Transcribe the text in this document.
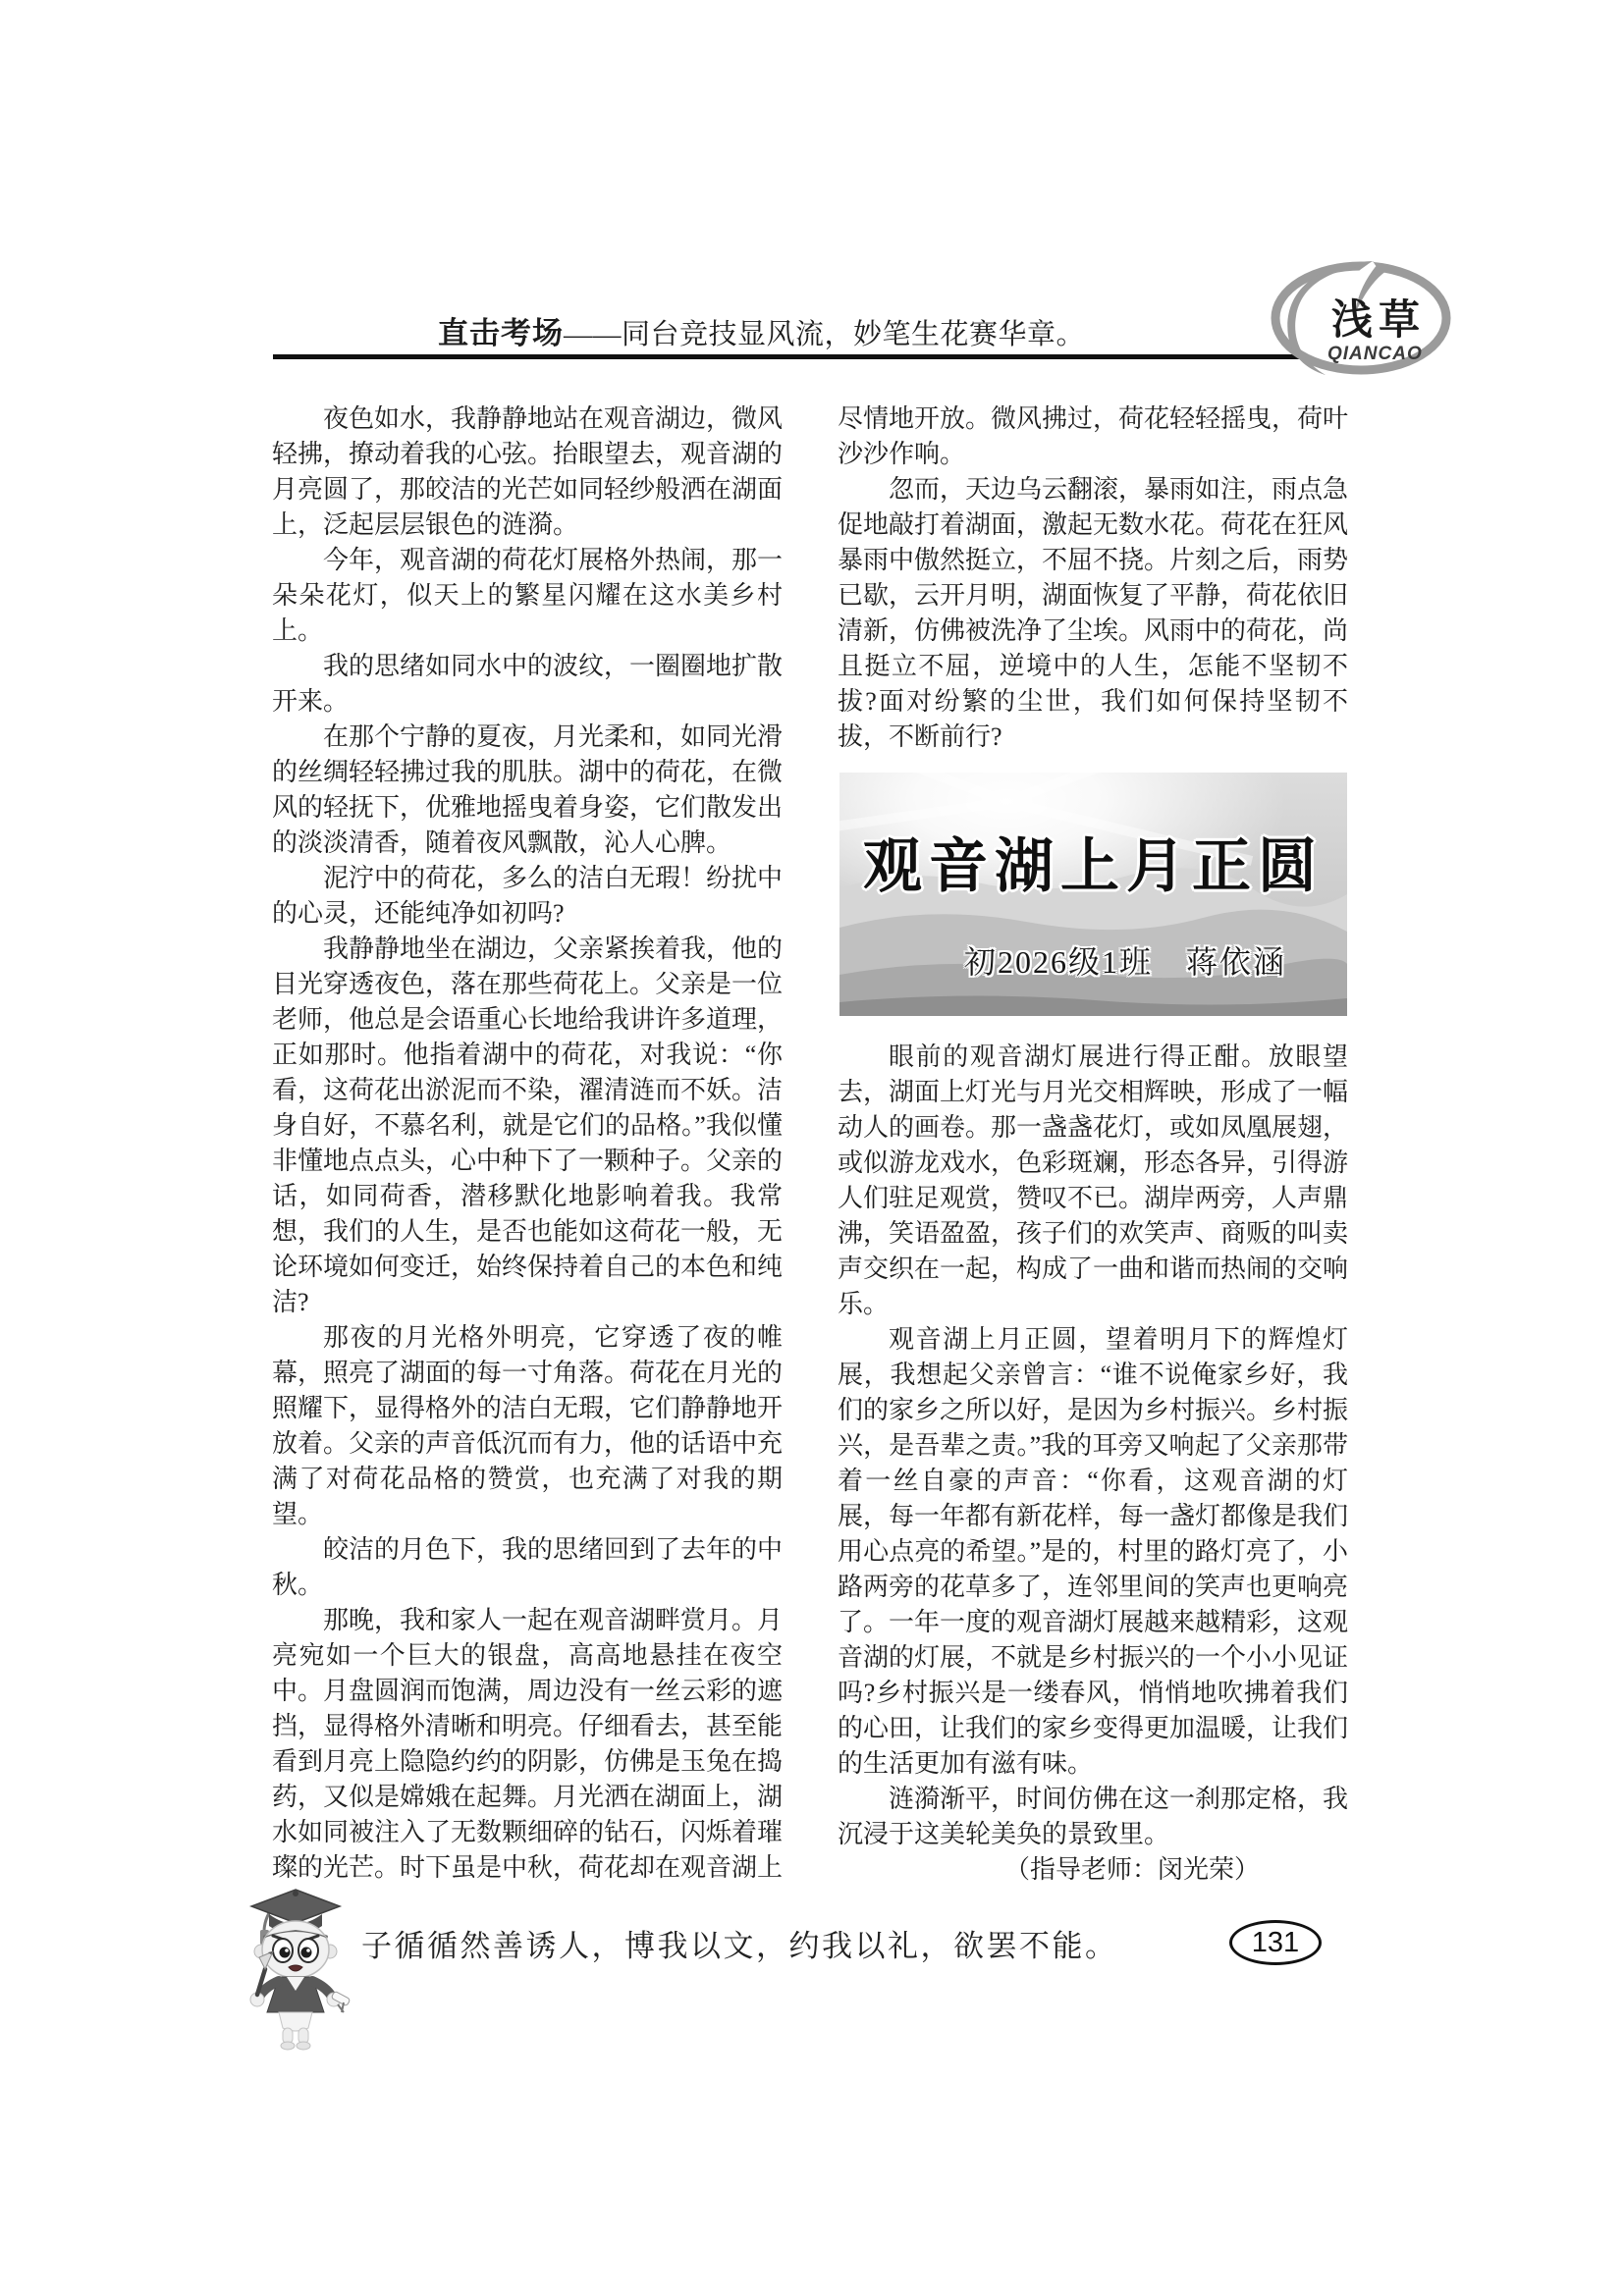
直击考场——同台竞技显风流，妙笔生花赛华章。	浅草
QIANCAO

夜色如水，我静静地站在观音湖边，微风轻拂，撩动着我的心弦。抬眼望去，观音湖的月亮圆了，那皎洁的光芒如同轻纱般洒在湖面上，泛起层层银色的涟漪。

今年，观音湖的荷花灯展格外热闹，那一朵朵花灯，似天上的繁星闪耀在这水美乡村上。

我的思绪如同水中的波纹，一圈圈地扩散开来。

在那个宁静的夏夜，月光柔和，如同光滑的丝绸轻轻拂过我的肌肤。湖中的荷花，在微风的轻抚下，优雅地摇曳着身姿，它们散发出的淡淡清香，随着夜风飘散，沁人心脾。

泥泞中的荷花，多么的洁白无瑕！纷扰中的心灵，还能纯净如初吗?

我静静地坐在湖边，父亲紧挨着我，他的目光穿透夜色，落在那些荷花上。父亲是一位老师，他总是会语重心长地给我讲许多道理，正如那时。他指着湖中的荷花，对我说：“你看，这荷花出淤泥而不染，濯清涟而不妖。洁身自好，不慕名利，就是它们的品格。”我似懂非懂地点点头，心中种下了一颗种子。父亲的话，如同荷香，潜移默化地影响着我。我常想，我们的人生，是否也能如这荷花一般，无论环境如何变迁，始终保持着自己的本色和纯洁?

那夜的月光格外明亮，它穿透了夜的帷幕，照亮了湖面的每一寸角落。荷花在月光的照耀下，显得格外的洁白无瑕，它们静静地开放着。父亲的声音低沉而有力，他的话语中充满了对荷花品格的赞赏，也充满了对我的期望。

皎洁的月色下，我的思绪回到了去年的中秋。

那晚，我和家人一起在观音湖畔赏月。月亮宛如一个巨大的银盘，高高地悬挂在夜空中。月盘圆润而饱满，周边没有一丝云彩的遮挡，显得格外清晰和明亮。仔细看去，甚至能看到月亮上隐隐约约的阴影，仿佛是玉兔在捣药，又似是嫦娥在起舞。月光洒在湖面上，湖水如同被注入了无数颗细碎的钻石，闪烁着璀璨的光芒。时下虽是中秋，荷花却在观音湖上

尽情地开放。微风拂过，荷花轻轻摇曳，荷叶沙沙作响。

忽而，天边乌云翻滚，暴雨如注，雨点急促地敲打着湖面，激起无数水花。荷花在狂风暴雨中傲然挺立，不屈不挠。片刻之后，雨势已歇，云开月明，湖面恢复了平静，荷花依旧清新，仿佛被洗净了尘埃。风雨中的荷花，尚且挺立不屈，逆境中的人生，怎能不坚韧不拔?面对纷繁的尘世，我们如何保持坚韧不拔，不断前行?

观音湖上月正圆
初2026级1班　蒋依涵

眼前的观音湖灯展进行得正酣。放眼望去，湖面上灯光与月光交相辉映，形成了一幅动人的画卷。那一盏盏花灯，或如凤凰展翅，或似游龙戏水，色彩斑斓，形态各异，引得游人们驻足观赏，赞叹不已。湖岸两旁，人声鼎沸，笑语盈盈，孩子们的欢笑声、商贩的叫卖声交织在一起，构成了一曲和谐而热闹的交响乐。

观音湖上月正圆，望着明月下的辉煌灯展，我想起父亲曾言：“谁不说俺家乡好，我们的家乡之所以好，是因为乡村振兴。乡村振兴，是吾辈之责。”我的耳旁又响起了父亲那带着一丝自豪的声音：“你看，这观音湖的灯展，每一年都有新花样，每一盏灯都像是我们用心点亮的希望。”是的，村里的路灯亮了，小路两旁的花草多了，连邻里间的笑声也更响亮了。一年一度的观音湖灯展越来越精彩，这观音湖的灯展，不就是乡村振兴的一个小小见证吗?乡村振兴是一缕春风，悄悄地吹拂着我们的心田，让我们的家乡变得更加温暖，让我们的生活更加有滋有味。

涟漪渐平，时间仿佛在这一刹那定格，我沉浸于这美轮美奂的景致里。

（指导老师：闵光荣）

子循循然善诱人，博我以文，约我以礼，欲罢不能。	131
